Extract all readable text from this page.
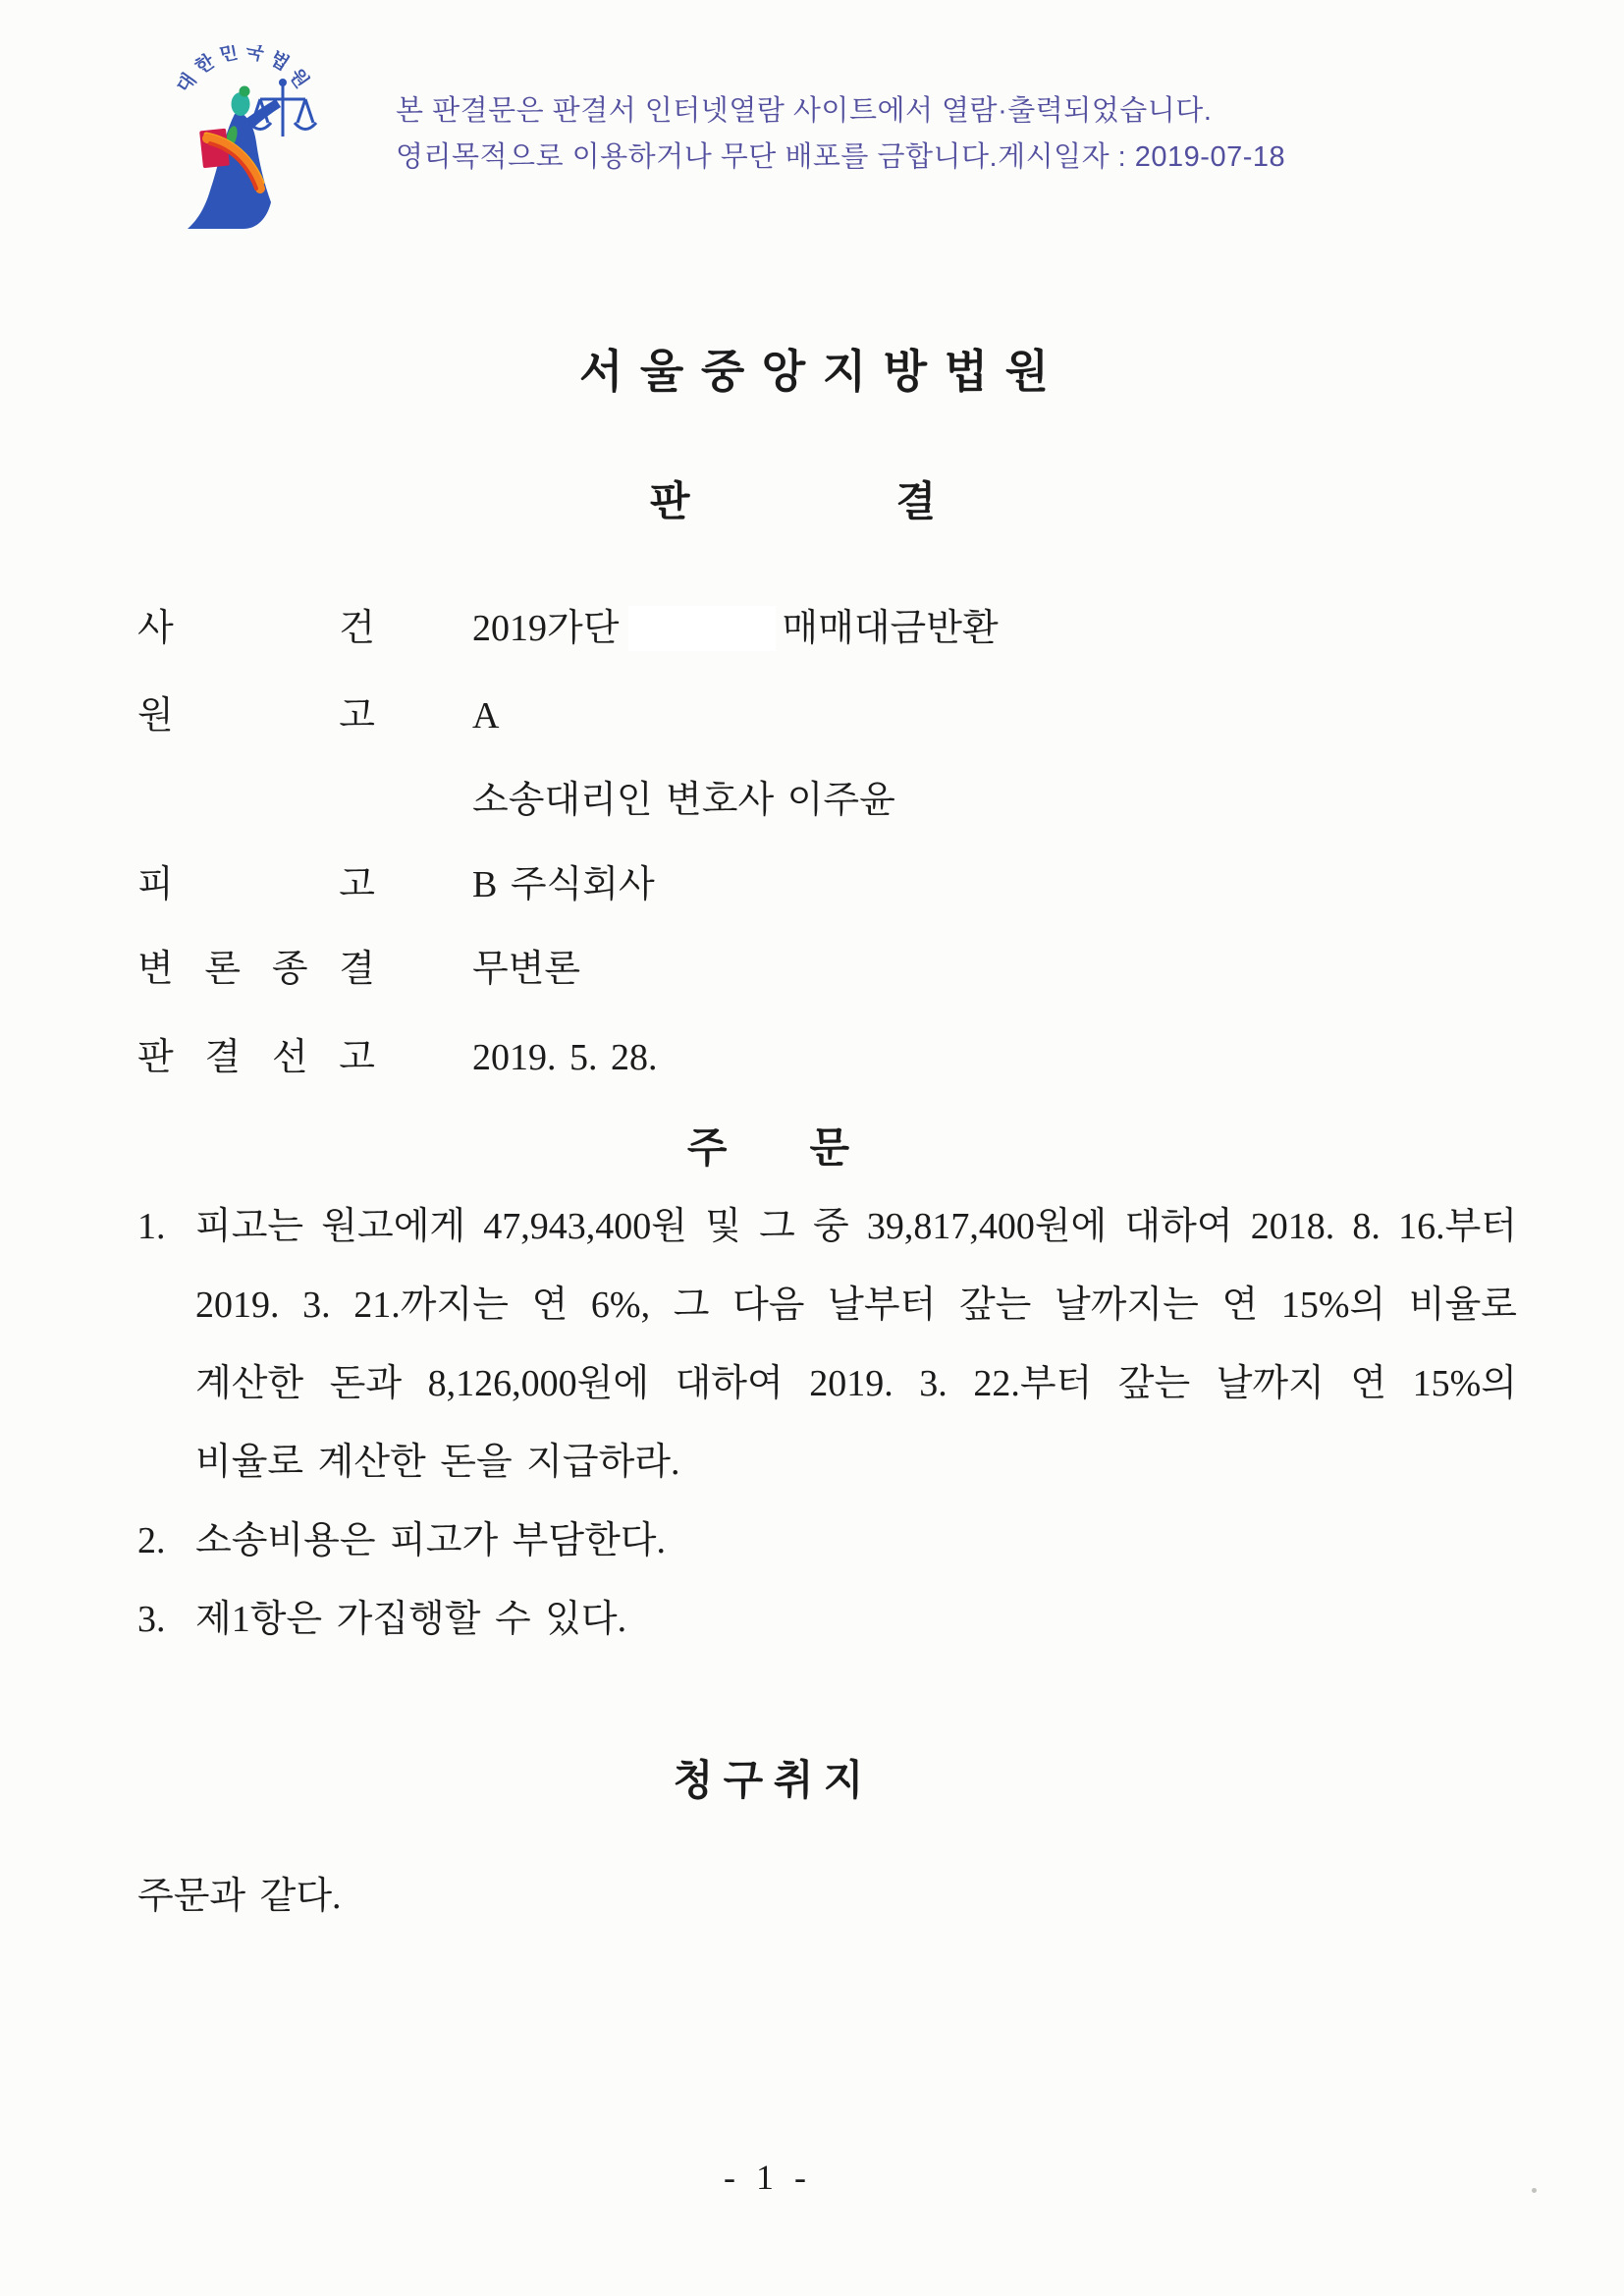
대한민국법원

본 판결문은 판결서 인터넷열람 사이트에서 열람·출력되었습니다.

영리목적으로 이용하거나 무단 배포를 금합니다.게시일자 : 2019-07-18

서 울 중 앙 지 방 법 원
판　　　　　결
사 건	2019가단	매매대금반환
원 고	A
소송대리인 변호사 이주윤
피 고	B 주식회사
변 론 종 결	무변론
판 결 선 고	2019. 5. 28.
주　　문
1. 피고는 원고에게 47,943,400원 및 그 중 39,817,400원에 대하여 2018. 8. 16.부터 2019. 3. 21.까지는 연 6%, 그 다음 날부터 갚는 날까지는 연 15%의 비율로 계산한 돈과 8,126,000원에 대하여 2019. 3. 22.부터 갚는 날까지 연 15%의 비율로 계산한 돈을 지급하라.
2. 소송비용은 피고가 부담한다.
3. 제1항은 가집행할 수 있다.
청 구 취 지

주문과 같다.

- 1 -
